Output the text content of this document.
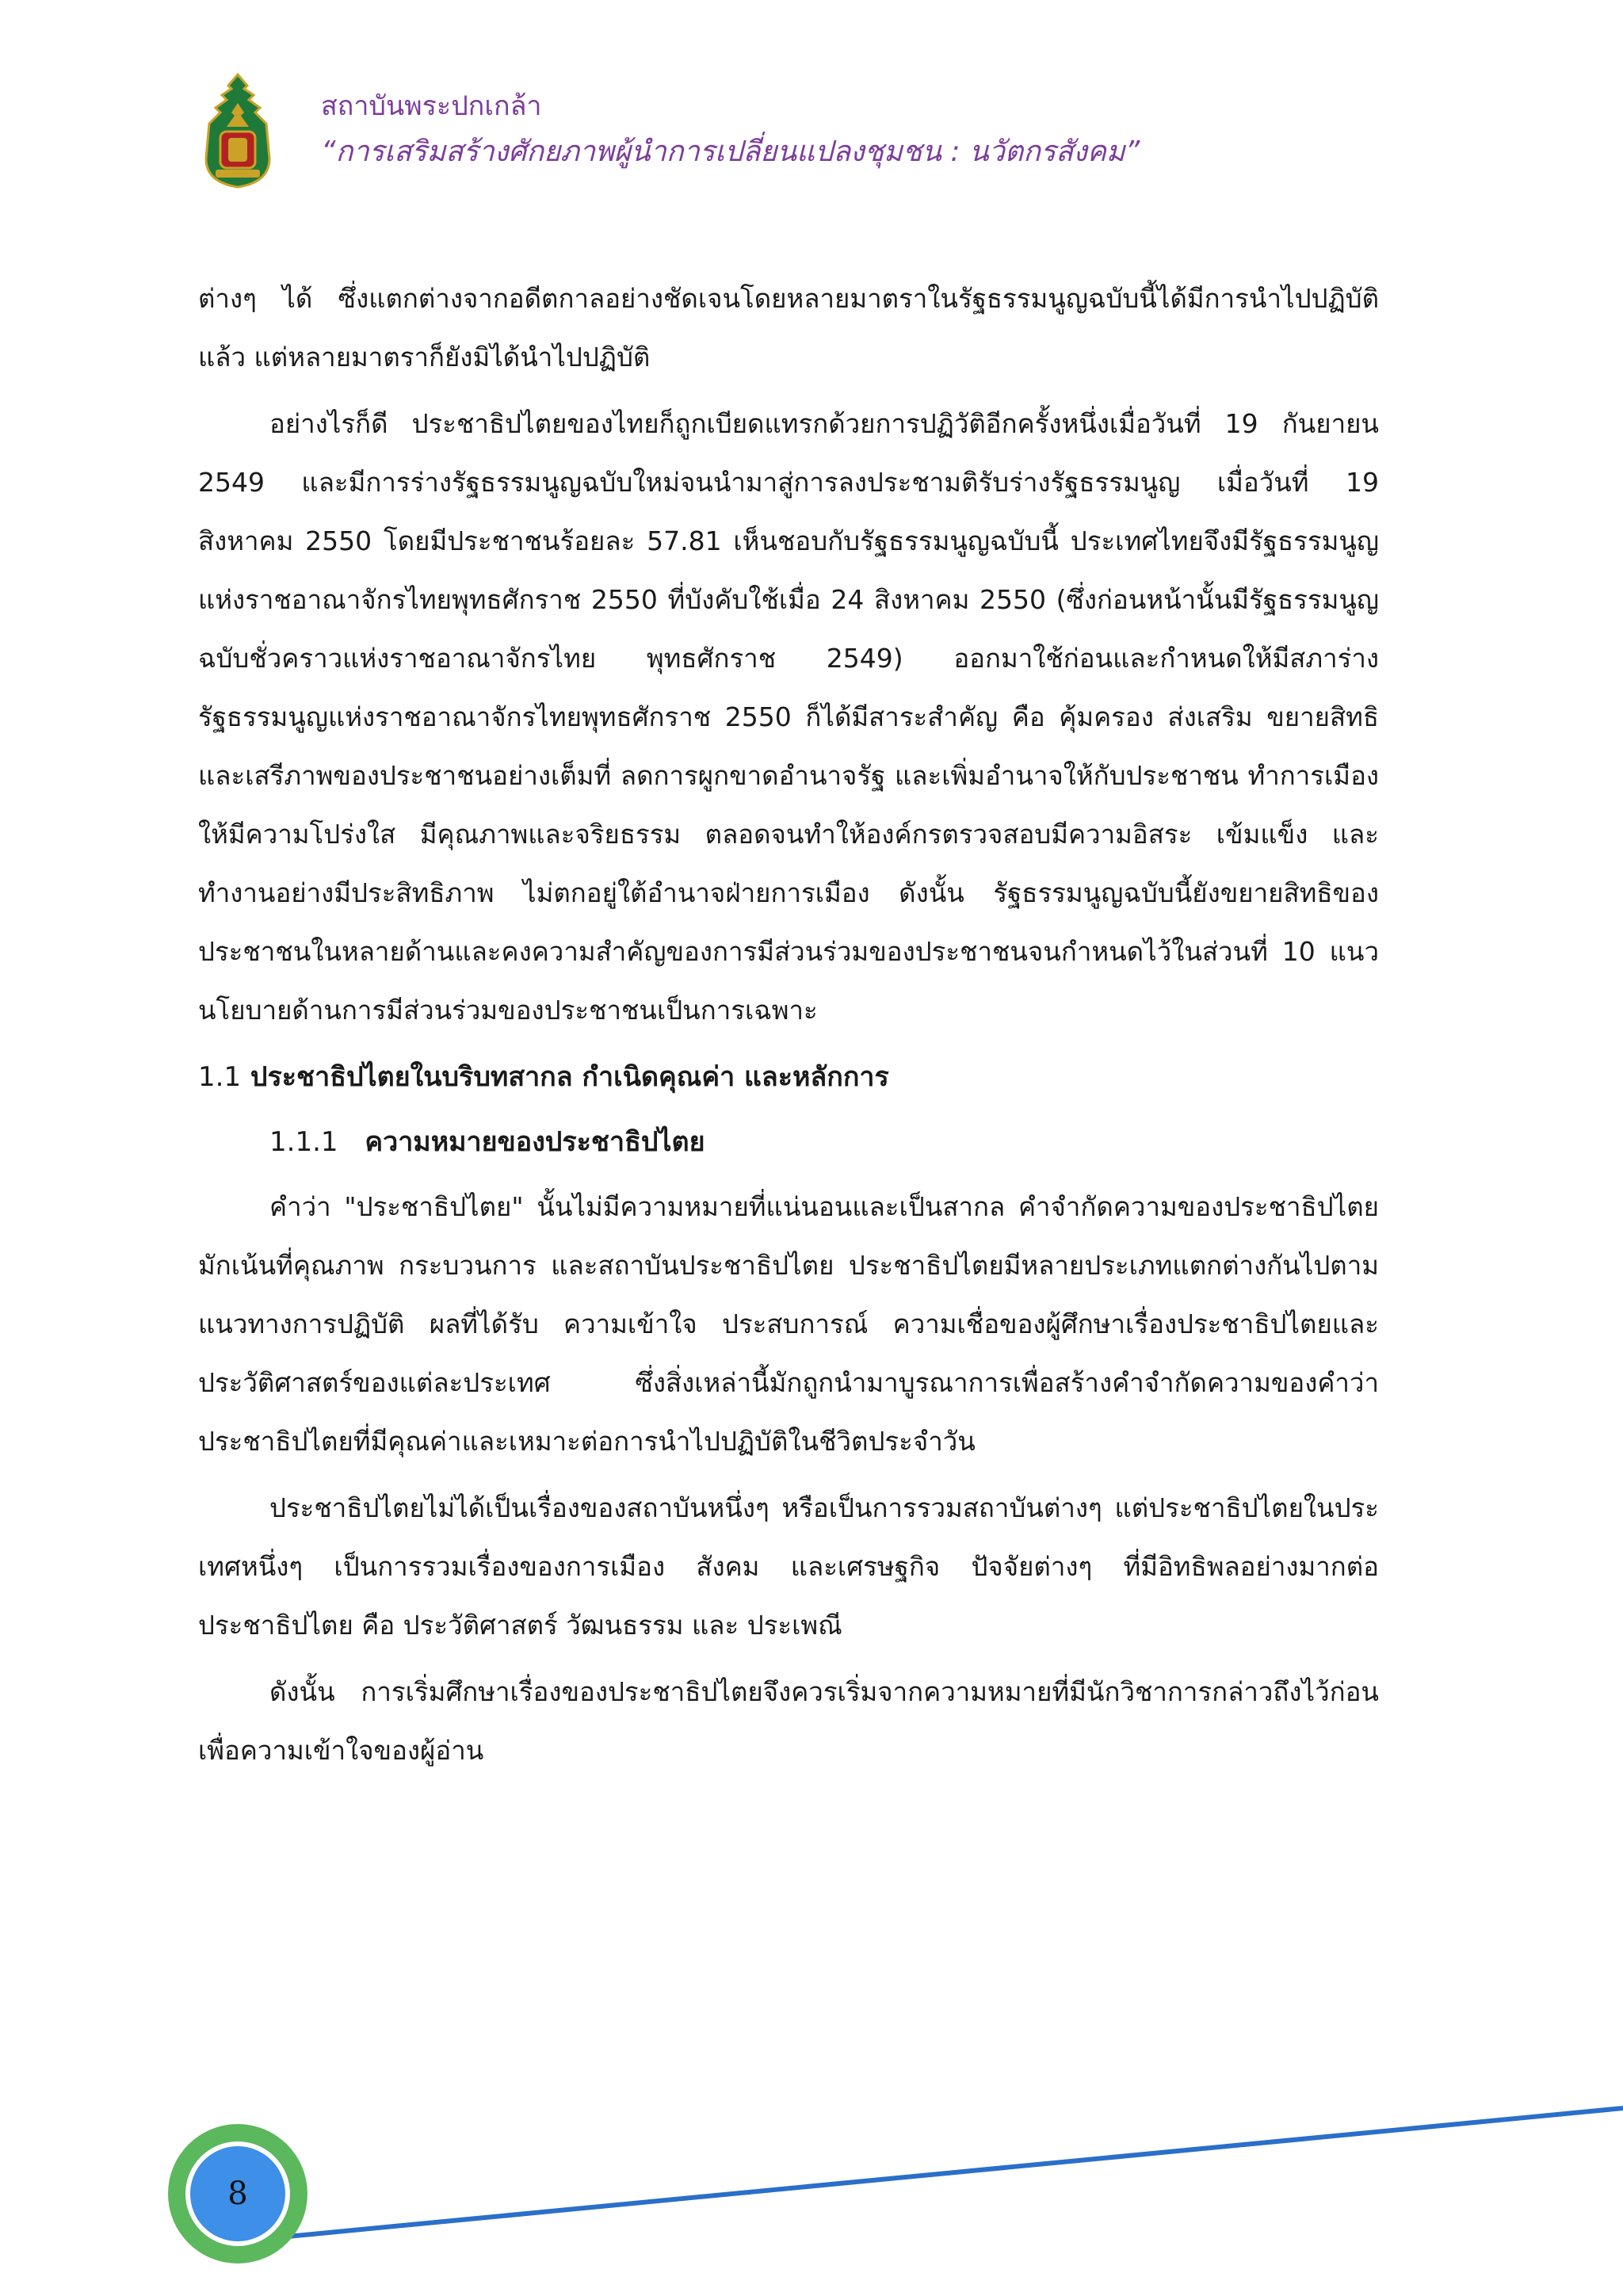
สถาบันพระปกเกล้า
“การเสริมสร้างศักยภาพผู้นำการเปลี่ยนแปลงชุมชน : นวัตกรสังคม”

ต่างๆ ได้ ซึ่งแตกต่างจากอดีตกาลอย่างชัดเจนโดยหลายมาตราในรัฐธรรมนูญฉบับนี้ได้มีการนำไปปฏิบัติแล้ว แต่หลายมาตราก็ยังมิได้นำไปปฏิบัติ

อย่างไรก็ดี ประชาธิปไตยของไทยก็ถูกเบียดแทรกด้วยการปฏิวัติอีกครั้งหนึ่งเมื่อวันที่ 19 กันยายน 2549 และมีการร่างรัฐธรรมนูญฉบับใหม่จนนำมาสู่การลงประชามติรับร่างรัฐธรรมนูญ เมื่อวันที่ 19 สิงหาคม 2550 โดยมีประชาชนร้อยละ 57.81 เห็นชอบกับรัฐธรรมนูญฉบับนี้ ประเทศไทยจึงมีรัฐธรรมนูญแห่งราชอาณาจักรไทยพุทธศักราช 2550 ที่บังคับใช้เมื่อ 24 สิงหาคม 2550 (ซึ่งก่อนหน้านั้นมีรัฐธรรมนูญฉบับชั่วคราวแห่งราชอาณาจักรไทย พุทธศักราช 2549) ออกมาใช้ก่อนและกำหนดให้มีสภาร่างรัฐธรรมนูญแห่งราชอาณาจักรไทยพุทธศักราช 2550 ก็ได้มีสาระสำคัญ คือ คุ้มครอง ส่งเสริม ขยายสิทธิและเสรีภาพของประชาชนอย่างเต็มที่ ลดการผูกขาดอำนาจรัฐ และเพิ่มอำนาจให้กับประชาชน ทำการเมืองให้มีความโปร่งใส มีคุณภาพและจริยธรรม ตลอดจนทำให้องค์กรตรวจสอบมีความอิสระ เข้มแข็ง และทำงานอย่างมีประสิทธิภาพ ไม่ตกอยู่ใต้อำนาจฝ่ายการเมือง ดังนั้น รัฐธรรมนูญฉบับนี้ยังขยายสิทธิของประชาชนในหลายด้านและคงความสำคัญของการมีส่วนร่วมของประชาชนจนกำหนดไว้ในส่วนที่ 10 แนวนโยบายด้านการมีส่วนร่วมของประชาชนเป็นการเฉพาะ

1.1 ประชาธิปไตยในบริบทสากล กำเนิดคุณค่า และหลักการ
1.1.1 ความหมายของประชาธิปไตย

คำว่า "ประชาธิปไตย" นั้นไม่มีความหมายที่แน่นอนและเป็นสากล คำจำกัดความของประชาธิปไตยมักเน้นที่คุณภาพ กระบวนการ และสถาบันประชาธิปไตย ประชาธิปไตยมีหลายประเภทแตกต่างกันไปตามแนวทางการปฏิบัติ ผลที่ได้รับ ความเข้าใจ ประสบการณ์ ความเชื่อของผู้ศึกษาเรื่องประชาธิปไตยและประวัติศาสตร์ของแต่ละประเทศ ซึ่งสิ่งเหล่านี้มักถูกนำมาบูรณาการเพื่อสร้างคำจำกัดความของคำว่า ประชาธิปไตยที่มีคุณค่าและเหมาะต่อการนำไปปฏิบัติในชีวิตประจำวัน

ประชาธิปไตยไม่ได้เป็นเรื่องของสถาบันหนึ่งๆ หรือเป็นการรวมสถาบันต่างๆ แต่ประชาธิปไตยในประเทศหนึ่งๆ เป็นการรวมเรื่องของการเมือง สังคม และเศรษฐกิจ ปัจจัยต่างๆ ที่มีอิทธิพลอย่างมากต่อประชาธิปไตย คือ ประวัติศาสตร์ วัฒนธรรม และ ประเพณี

ดังนั้น การเริ่มศึกษาเรื่องของประชาธิปไตยจึงควรเริ่มจากความหมายที่มีนักวิชาการกล่าวถึงไว้ก่อนเพื่อความเข้าใจของผู้อ่าน

8
